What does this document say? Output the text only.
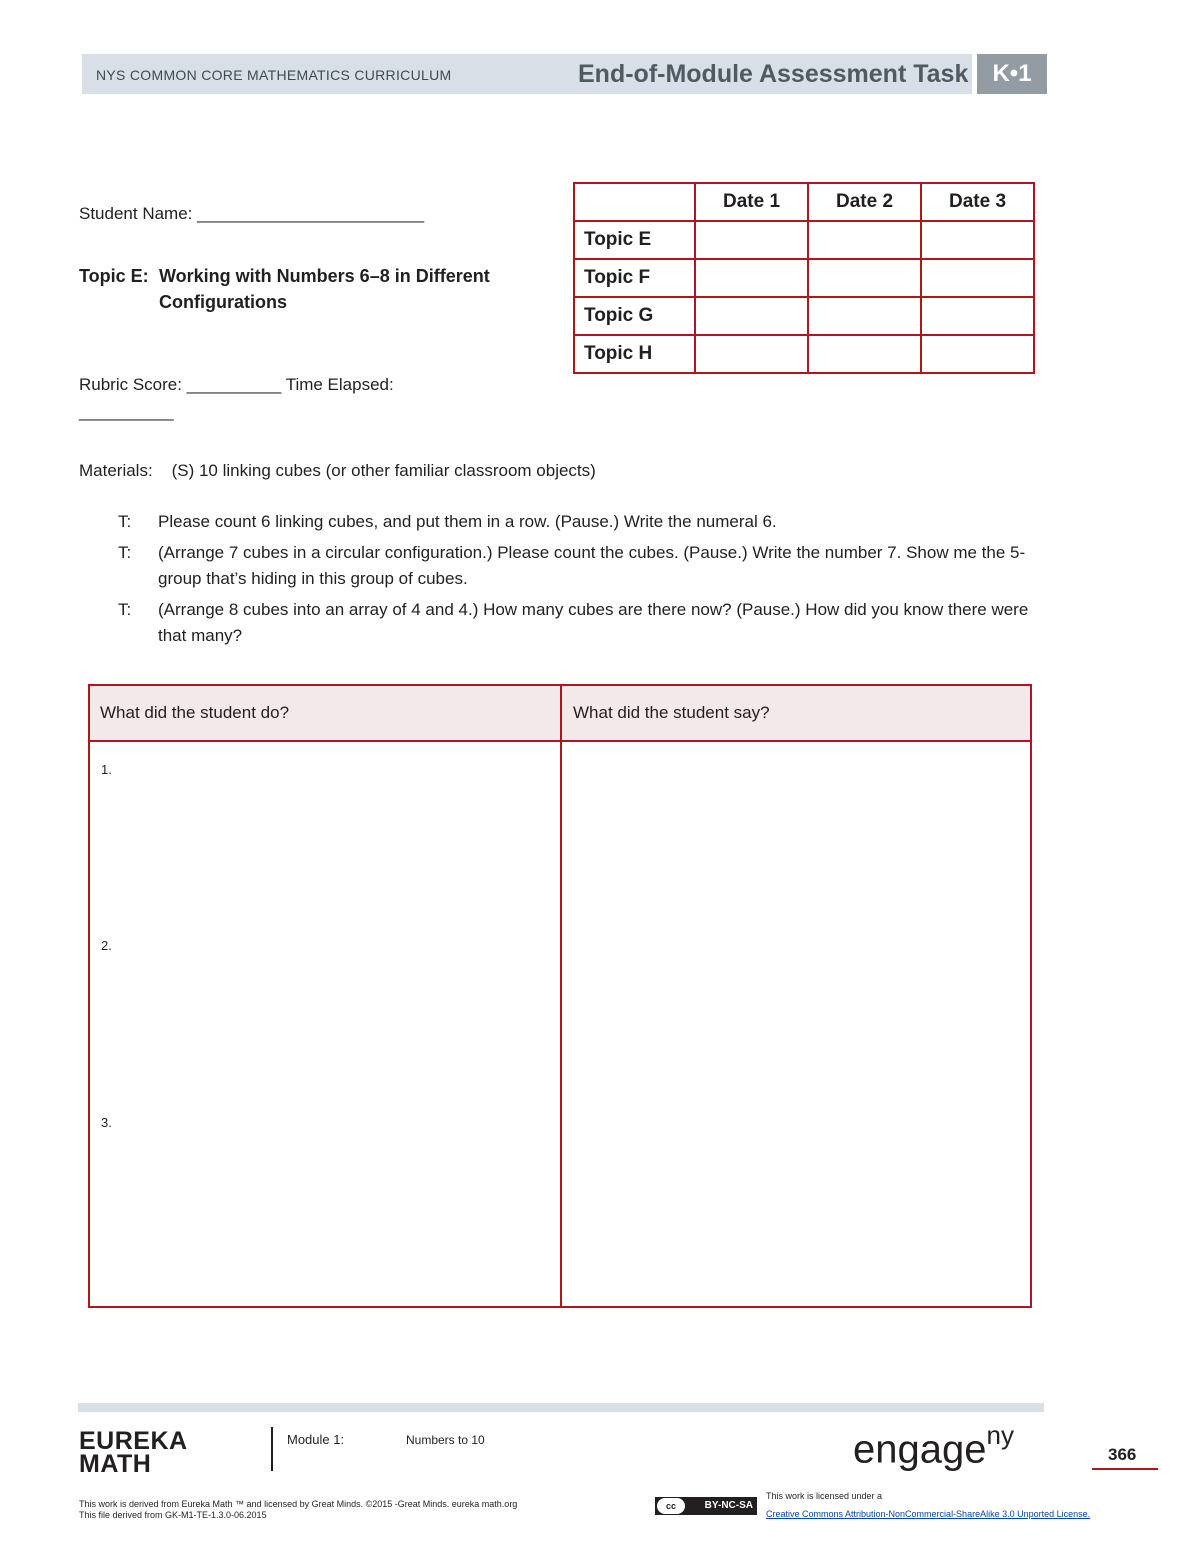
NYS COMMON CORE MATHEMATICS CURRICULUM	End-of-Module Assessment Task	K•1
Student Name: ________________________
Topic E: Working with Numbers 6–8 in Different Configurations
Rubric Score: __________ Time Elapsed:
__________
	Date 1	Date 2	Date 3
Topic E			
Topic F			
Topic G			
Topic H			
Materials: (S) 10 linking cubes (or other familiar classroom objects)
T: Please count 6 linking cubes, and put them in a row. (Pause.) Write the numeral 6.
T: (Arrange 7 cubes in a circular configuration.) Please count the cubes. (Pause.) Write the number 7. Show me the 5-group that’s hiding in this group of cubes.
T: (Arrange 8 cubes into an array of 4 and 4.) How many cubes are there now? (Pause.) How did you know there were that many?
What did the student do?	What did the student say?
1.
2.
3.
EUREKA
MATH
Module 1:	Numbers to 10	engage$^{ny}$
366
This work is derived from Eureka Math ™ and licensed by Great Minds. ©2015 -Great Minds. eureka math.org
This file derived from GK-M1-TE-1.3.0-06.2015
cc	BY-NC-SA
This work is licensed under a
Creative Commons Attribution-NonCommercial-ShareAlike 3.0 Unported License.
